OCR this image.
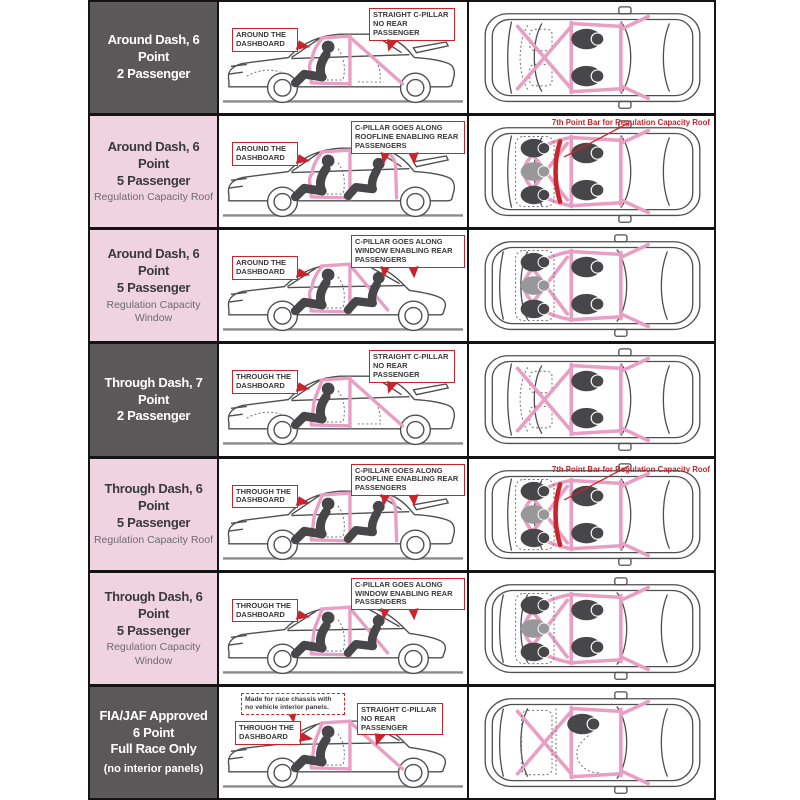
Around Dash, 6 Point
2 Passenger
AROUND THE DASHBOARD
STRAIGHT C-PILLAR NO REAR PASSENGER
Around Dash, 6 Point
5 Passenger
Regulation Capacity Roof
AROUND THE DASHBOARD
C-PILLAR GOES ALONG ROOFLINE ENABLING REAR PASSENGERS
7th Point Bar for Regulation Capacity Roof
Around Dash, 6 Point
5 Passenger
Regulation Capacity Window
AROUND THE DASHBOARD
C-PILLAR GOES ALONG WINDOW ENABLING REAR PASSENGERS
Through Dash, 7 Point
2 Passenger
THROUGH THE DASHBOARD
STRAIGHT C-PILLAR NO REAR PASSENGER
Through Dash, 6 Point
5 Passenger
Regulation Capacity Roof
THROUGH THE DASHBOARD
C-PILLAR GOES ALONG ROOFLINE ENABLING REAR PASSENGERS
7th Point Bar for Regulation Capacity Roof
Through Dash, 6 Point
5 Passenger
Regulation Capacity Window
THROUGH THE DASHBOARD
C-PILLAR GOES ALONG WINDOW ENABLING REAR PASSENGERS
FIA/JAF Approved
6 Point
Full Race Only
(no interior panels)
Made for race chassis with no vehicle interior panels.
THROUGH THE DASHBOARD
STRAIGHT C-PILLAR NO REAR PASSENGER
